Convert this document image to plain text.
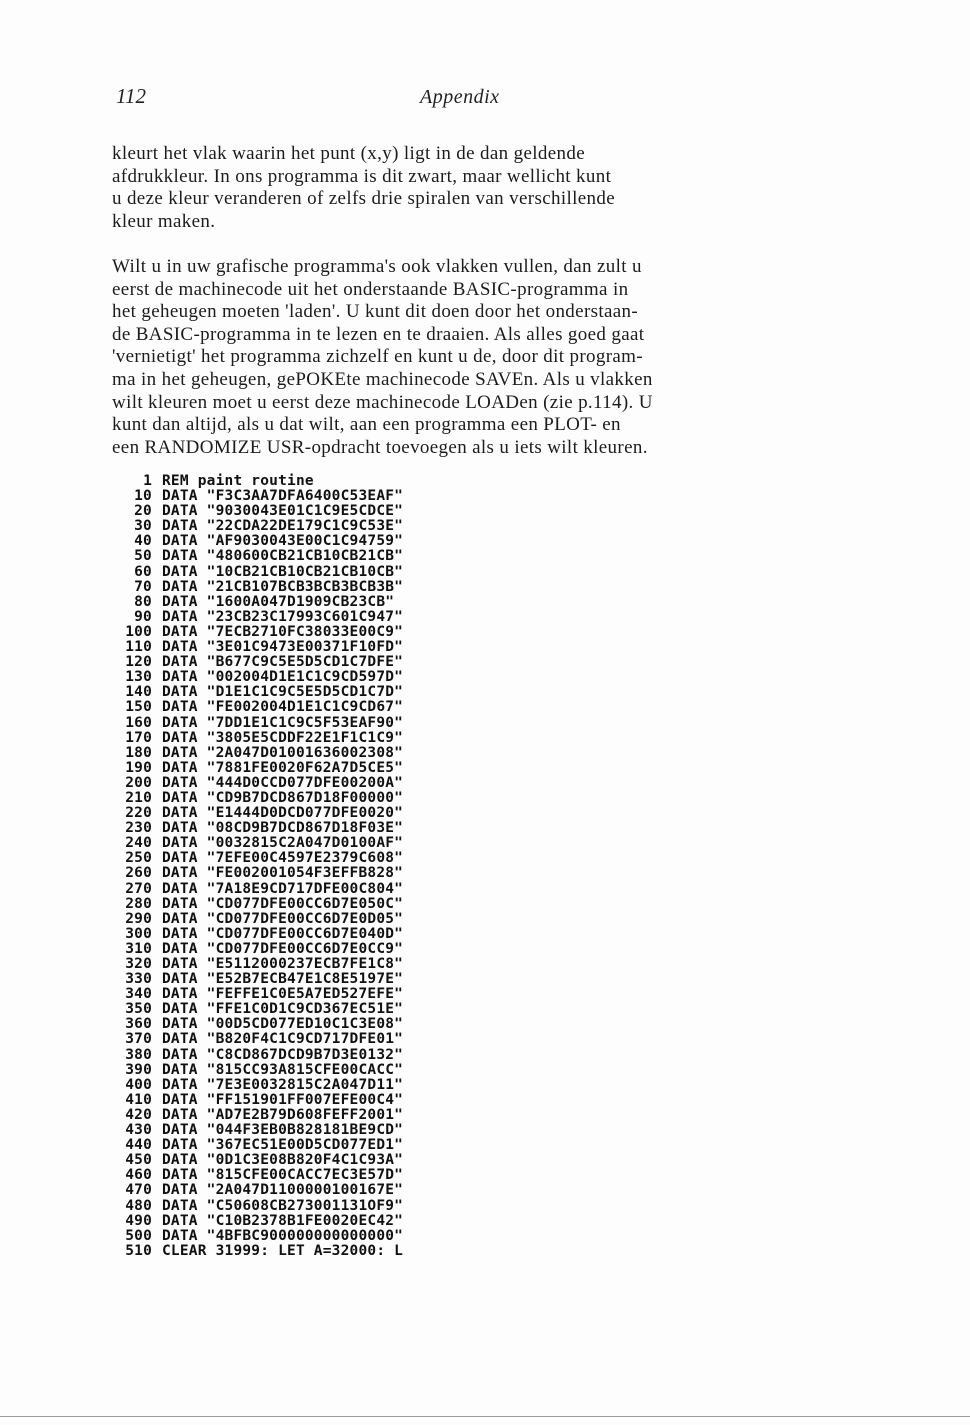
112	Appendix
kleurt het vlak waarin het punt (x,y) ligt in de dan geldende
afdrukkleur. In ons programma is dit zwart, maar wellicht kunt
u deze kleur veranderen of zelfs drie spiralen van verschillende
kleur maken.
Wilt u in uw grafische programma's ook vlakken vullen, dan zult u
eerst de machinecode uit het onderstaande BASIC-programma in
het geheugen moeten 'laden'. U kunt dit doen door het onderstaan-
de BASIC-programma in te lezen en te draaien. Als alles goed gaat
'vernietigt' het programma zichzelf en kunt u de, door dit program-
ma in het geheugen, gePOKEte machinecode SAVEn. Als u vlakken
wilt kleuren moet u eerst deze machinecode LOADen (zie p.114). U
kunt dan altijd, als u dat wilt, aan een programma een PLOT- en
een RANDOMIZE USR-opdracht toevoegen als u iets wilt kleuren.
1 REM paint routine
10 DATA "F3C3AA7DFA6400C53EAF"
20 DATA "9030043E01C1C9E5CDCE"
30 DATA "22CDA22DE179C1C9C53E"
40 DATA "AF9030043E00C1C94759"
50 DATA "480600CB21CB10CB21CB"
60 DATA "10CB21CB10CB21CB10CB"
70 DATA "21CB107BCB3BCB3BCB3B"
80 DATA "1600A047D1909CB23CB"
90 DATA "23CB23C17993C601C947"
100 DATA "7ECB2710FC38033E00C9"
110 DATA "3E01C9473E00371F10FD"
120 DATA "B677C9C5E5D5CD1C7DFE"
130 DATA "002004D1E1C1C9CD597D"
140 DATA "D1E1C1C9C5E5D5CD1C7D"
150 DATA "FE002004D1E1C1C9CD67"
160 DATA "7DD1E1C1C9C5F53EAF90"
170 DATA "3805E5CDDF22E1F1C1C9"
180 DATA "2A047D01001636002308"
190 DATA "7881FE0020F62A7D5CE5"
200 DATA "444D0CCD077DFE00200A"
210 DATA "CD9B7DCD867D18F00000"
220 DATA "E1444D0DCD077DFE0020"
230 DATA "08CD9B7DCD867D18F03E"
240 DATA "0032815C2A047D0100AF"
250 DATA "7EFE00C4597E2379C608"
260 DATA "FE002001054F3EFFB828"
270 DATA "7A18E9CD717DFE00C804"
280 DATA "CD077DFE00CC6D7E050C"
290 DATA "CD077DFE00CC6D7E0D05"
300 DATA "CD077DFE00CC6D7E040D"
310 DATA "CD077DFE00CC6D7E0CC9"
320 DATA "E5112000237ECB7FE1C8"
330 DATA "E52B7ECB47E1C8E5197E"
340 DATA "FEFFE1C0E5A7ED527EFE"
350 DATA "FFE1C0D1C9CD367EC51E"
360 DATA "00D5CD077ED10C1C3E08"
370 DATA "B820F4C1C9CD717DFE01"
380 DATA "C8CD867DCD9B7D3E0132"
390 DATA "815CC93A815CFE00CACC"
400 DATA "7E3E0032815C2A047D11"
410 DATA "FF151901FF007EFE00C4"
420 DATA "AD7E2B79D608FEFF2001"
430 DATA "044F3EB0B828181BE9CD"
440 DATA "367EC51E00D5CD077ED1"
450 DATA "0D1C3E08B820F4C1C93A"
460 DATA "815CFE00CACC7EC3E57D"
470 DATA "2A047D1100000100167E"
480 DATA "C50608CB273001131OF9"
490 DATA "C10B2378B1FE0020EC42"
500 DATA "4BFBC900000000000000"
510 CLEAR 31999: LET A=32000: L
